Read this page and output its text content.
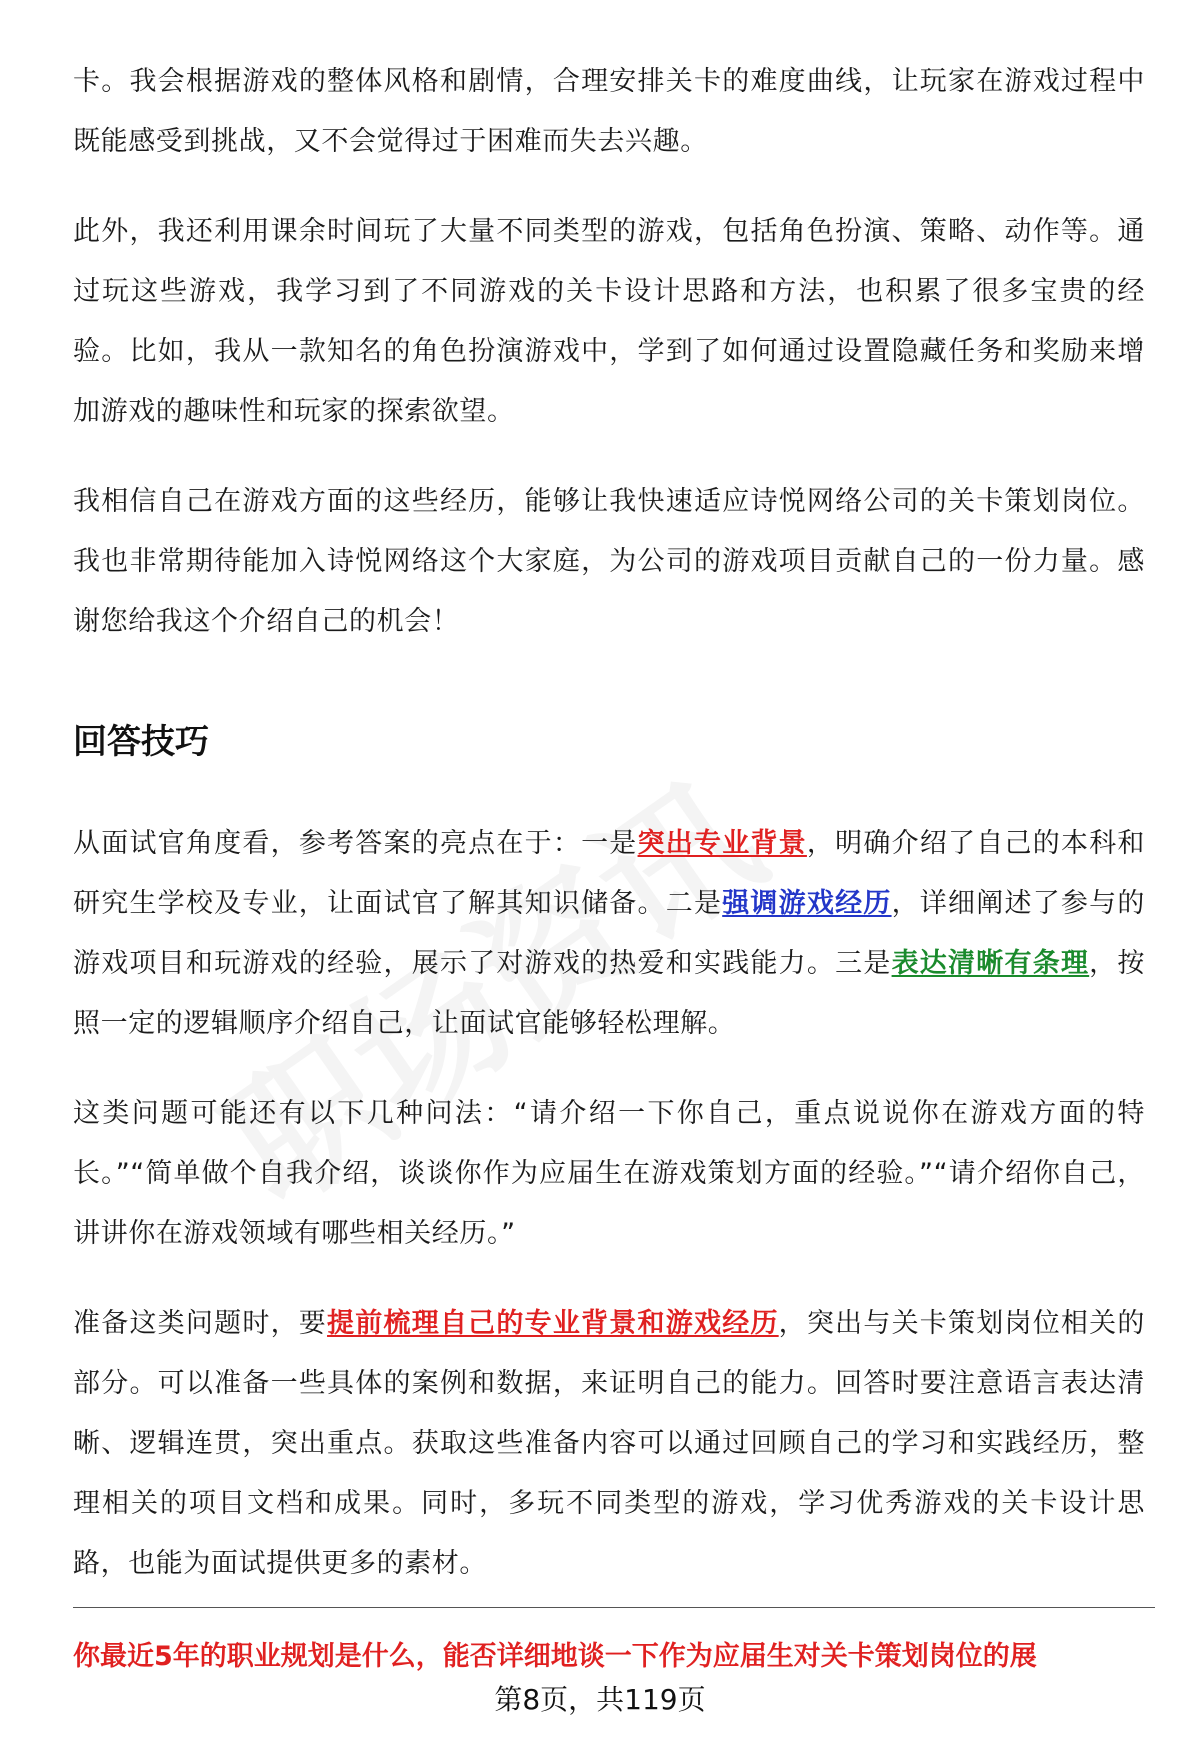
卡。我会根据游戏的整体风格和剧情，合理安排关卡的难度曲线，让玩家在游戏过程中既能感受到挑战，又不会觉得过于困难而失去兴趣。

此外，我还利用课余时间玩了大量不同类型的游戏，包括角色扮演、策略、动作等。通过玩这些游戏，我学习到了不同游戏的关卡设计思路和方法，也积累了很多宝贵的经验。比如，我从一款知名的角色扮演游戏中，学到了如何通过设置隐藏任务和奖励来增加游戏的趣味性和玩家的探索欲望。

我相信自己在游戏方面的这些经历，能够让我快速适应诗悦网络公司的关卡策划岗位。我也非常期待能加入诗悦网络这个大家庭，为公司的游戏项目贡献自己的一份力量。感谢您给我这个介绍自己的机会！

回答技巧

从面试官角度看，参考答案的亮点在于：一是突出专业背景，明确介绍了自己的本科和研究生学校及专业，让面试官了解其知识储备。二是强调游戏经历，详细阐述了参与的游戏项目和玩游戏的经验，展示了对游戏的热爱和实践能力。三是表达清晰有条理，按照一定的逻辑顺序介绍自己，让面试官能够轻松理解。

这类问题可能还有以下几种问法：“请介绍一下你自己，重点说说你在游戏方面的特长。”“简单做个自我介绍，谈谈你作为应届生在游戏策划方面的经验。”“请介绍你自己，讲讲你在游戏领域有哪些相关经历。”

准备这类问题时，要提前梳理自己的专业背景和游戏经历，突出与关卡策划岗位相关的部分。可以准备一些具体的案例和数据，来证明自己的能力。回答时要注意语言表达清晰、逻辑连贯，突出重点。获取这些准备内容可以通过回顾自己的学习和实践经历，整理相关的项目文档和成果。同时，多玩不同类型的游戏，学习优秀游戏的关卡设计思路，也能为面试提供更多的素材。

你最近5年的职业规划是什么，能否详细地谈一下作为应届生对关卡策划岗位的展
第8页，共119页
